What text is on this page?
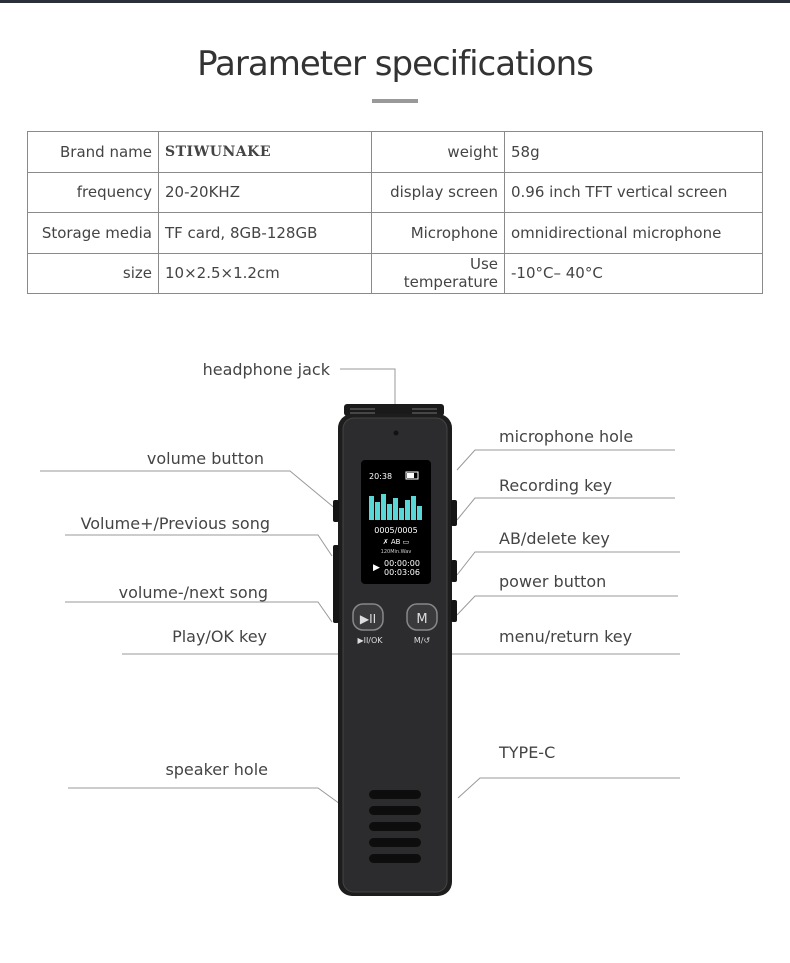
Parameter specifications
Brand name	STIWUNAKE	weight	58g
frequency	20-20KHZ	display screen	0.96 inch TFT vertical screen
Storage media	TF card, 8GB-128GB	Microphone	omnidirectional microphone
size	10×2.5×1.2cm	Use temperature	-10°C– 40°C
20:38
0005/0005
✗ AB ▭
120Min.Wav
▶ 00:00:00
00:03:06
▶II
▶II/OK
M
M/↺
headphone jack
volume button
Volume+/Previous song
volume-/next song
Play/OK key
speaker hole
microphone hole
Recording key
AB/delete key
power button
menu/return key
TYPE-C
